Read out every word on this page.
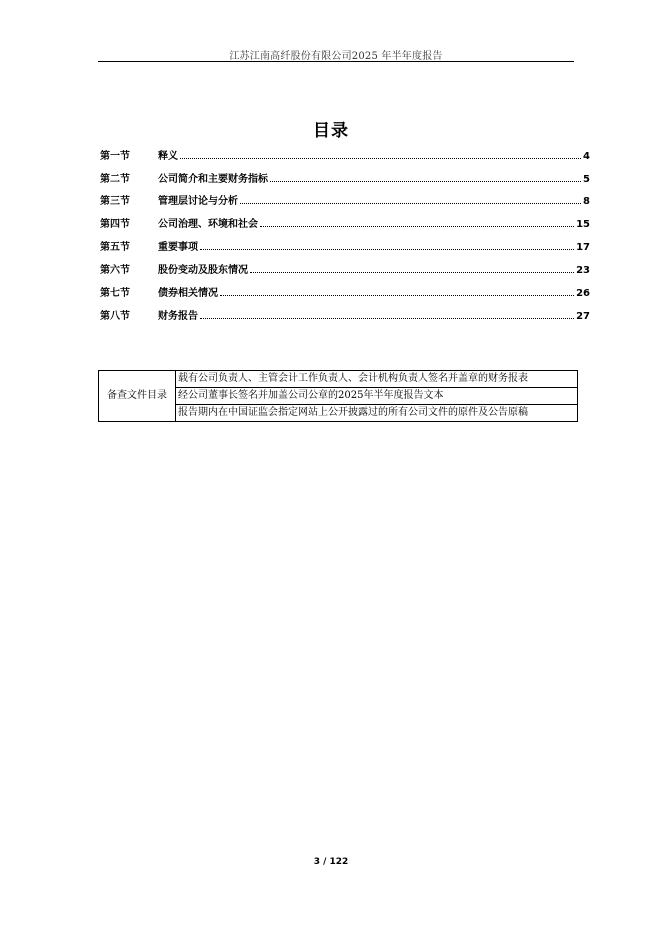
江苏江南高纤股份有限公司2025 年半年度报告
目录
第一节	释义	4
第二节	公司简介和主要财务指标	5
第三节	管理层讨论与分析	8
第四节	公司治理、环境和社会	15
第五节	重要事项	17
第六节	股份变动及股东情况	23
第七节	债券相关情况	26
第八节	财务报告	27
备查文件目录	载有公司负责人、主管会计工作负责人、会计机构负责人签名并盖章的财务报表
经公司董事长签名并加盖公司公章的2025年半年度报告文本
报告期内在中国证监会指定网站上公开披露过的所有公司文件的原件及公告原稿
3 / 122
